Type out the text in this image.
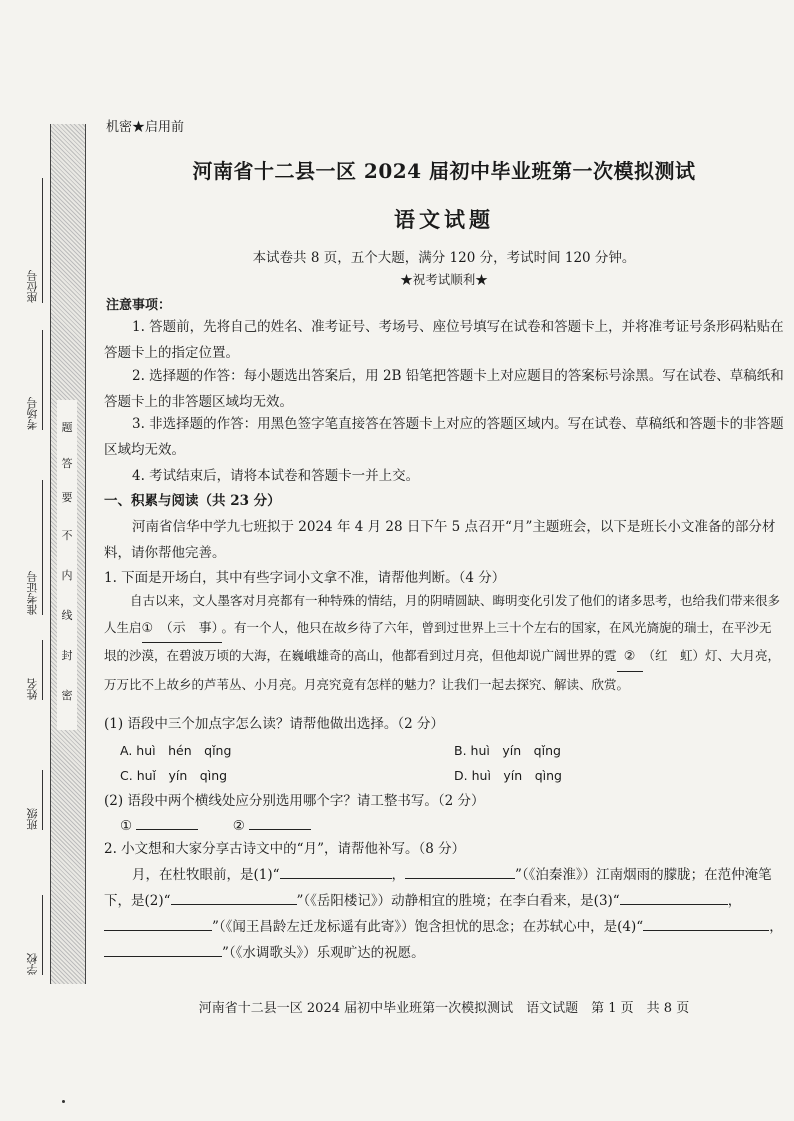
座位号
考场号
准考证号
姓名
班级
学校
密
封
线
内
不
要
答
题
机密★启用前
河南省十二县一区 2024 届初中毕业班第一次模拟测试
语文试题
本试卷共 8 页，五个大题，满分 120 分，考试时间 120 分钟。
★祝考试顺利★
注意事项：
1. 答题前，先将自己的姓名、准考证号、考场号、座位号填写在试卷和答题卡上，并将准考证号条形码粘贴在答题卡上的指定位置。
2. 选择题的作答：每小题选出答案后，用 2B 铅笔把答题卡上对应题目的答案标号涂黑。写在试卷、草稿纸和答题卡上的非答题区域均无效。
3. 非选择题的作答：用黑色签字笔直接答在答题卡上对应的答题区域内。写在试卷、草稿纸和答题卡的非答题区域均无效。
4. 考试结束后，请将本试卷和答题卡一并上交。
一、积累与阅读（共 23 分）
河南省信华中学九七班拟于 2024 年 4 月 28 日下午 5 点召开“月”主题班会，以下是班长小文准备的部分材料，请你帮他完善。
1. 下面是开场白，其中有些字词小文拿不准，请帮他判断。（4 分）
自古以来，文人墨客对月亮都有一种特殊的情结，月的阴晴圆缺、晦明变化引发了他们的诸多思考，也给我们带来很多人生启①　（示　事）。有一个人，他只在故乡待了六年，曾到过世界上三十个左右的国家，在风光旖旎的瑞士，在平沙无垠的沙漠，在碧波万顷的大海，在巍峨雄奇的高山，他都看到过月亮，但他却说广阔世界的霓 ② （红　虹）灯、大月亮，万万比不上故乡的芦苇丛、小月亮。月亮究竟有怎样的魅力？让我们一起去探究、解读、欣赏。
(1) 语段中三个加点字怎么读？请帮他做出选择。（2 分）
A. huì　hén　qǐng	B. huì　yín　qǐng
C. huǐ　yín　qìng	D. huì　yín　qìng
(2) 语段中两个横线处应分别选用哪个字？请工整书写。（2 分）
①	②
2. 小文想和大家分享古诗文中的“月”，请帮他补写。（8 分）
月，在杜牧眼前，是(1)“	，	”（《泊秦淮》）江南烟雨的朦胧；在范仲淹笔下，是(2)“	”（《岳阳楼记》）动静相宜的胜境；在李白看来，是(3)“	，”（《闻王昌龄左迁龙标遥有此寄》）饱含担忧的思念；在苏轼心中，是(4)“	，”（《水调歌头》）乐观旷达的祝愿。
河南省十二县一区 2024 届初中毕业班第一次模拟测试　语文试题　第 1 页　共 8 页
